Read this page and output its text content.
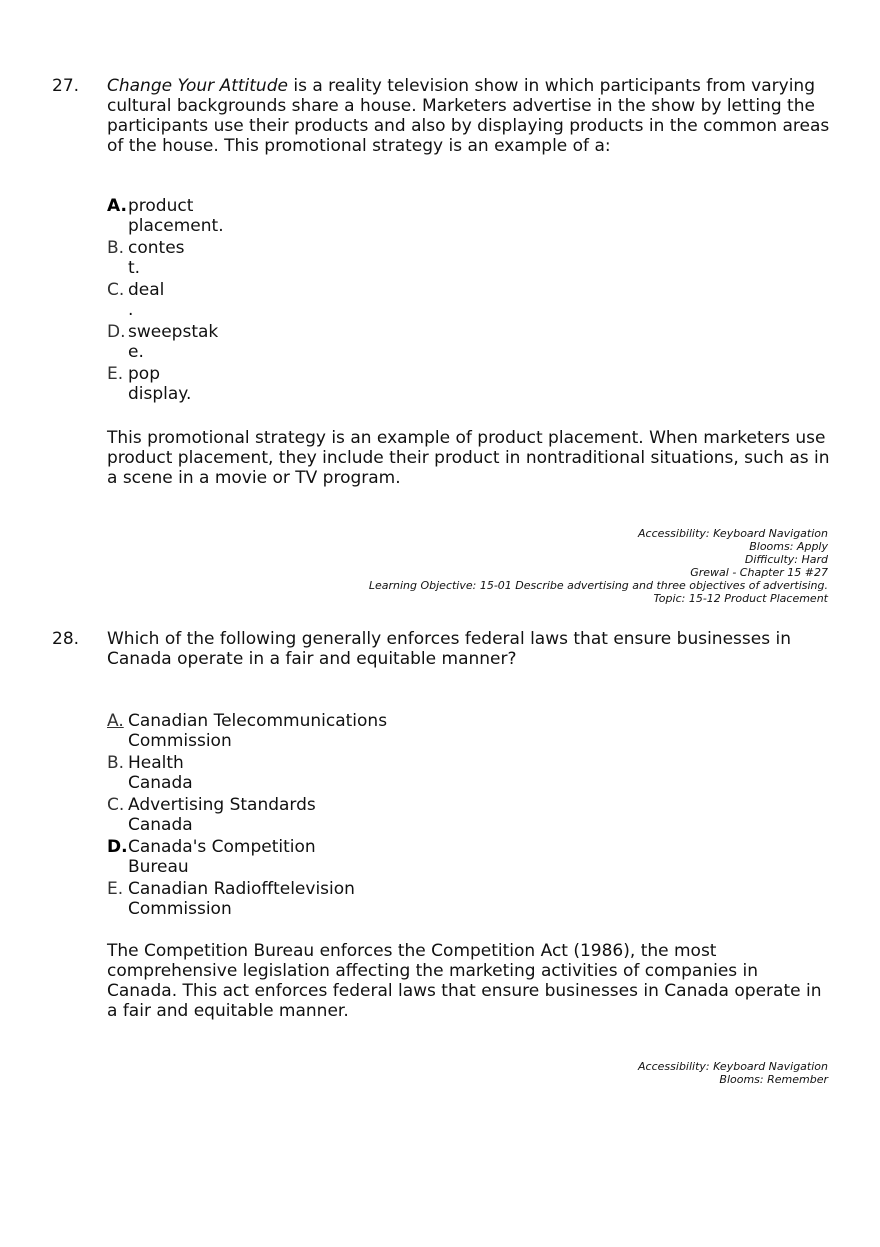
27. Change Your Attitude is a reality television show in which participants from varying cultural backgrounds share a house. Marketers advertise in the show by letting the participants use their products and also by displaying products in the common areas of the house. This promotional strategy is an example of a:

A. product
placement.
B. contes
t.
C. deal
.
D. sweepstak
e.
E. pop
display.

This promotional strategy is an example of product placement. When marketers use product placement, they include their product in nontraditional situations, such as in a scene in a movie or TV program.

Accessibility: Keyboard Navigation
Blooms: Apply
Difficulty: Hard
Grewal - Chapter 15 #27
Learning Objective: 15-01 Describe advertising and three objectives of advertising.
Topic: 15-12 Product Placement
28. Which of the following generally enforces federal laws that ensure businesses in Canada operate in a fair and equitable manner?

A. Canadian Telecommunications
Commission
B. Health
Canada
C. Advertising Standards
Canada
D. Canada's Competition
Bureau
E. Canadian Radiofftelevision
Commission

The Competition Bureau enforces the Competition Act (1986), the most comprehensive legislation affecting the marketing activities of companies in Canada. This act enforces federal laws that ensure businesses in Canada operate in a fair and equitable manner.

Accessibility: Keyboard Navigation
Blooms: Remember
